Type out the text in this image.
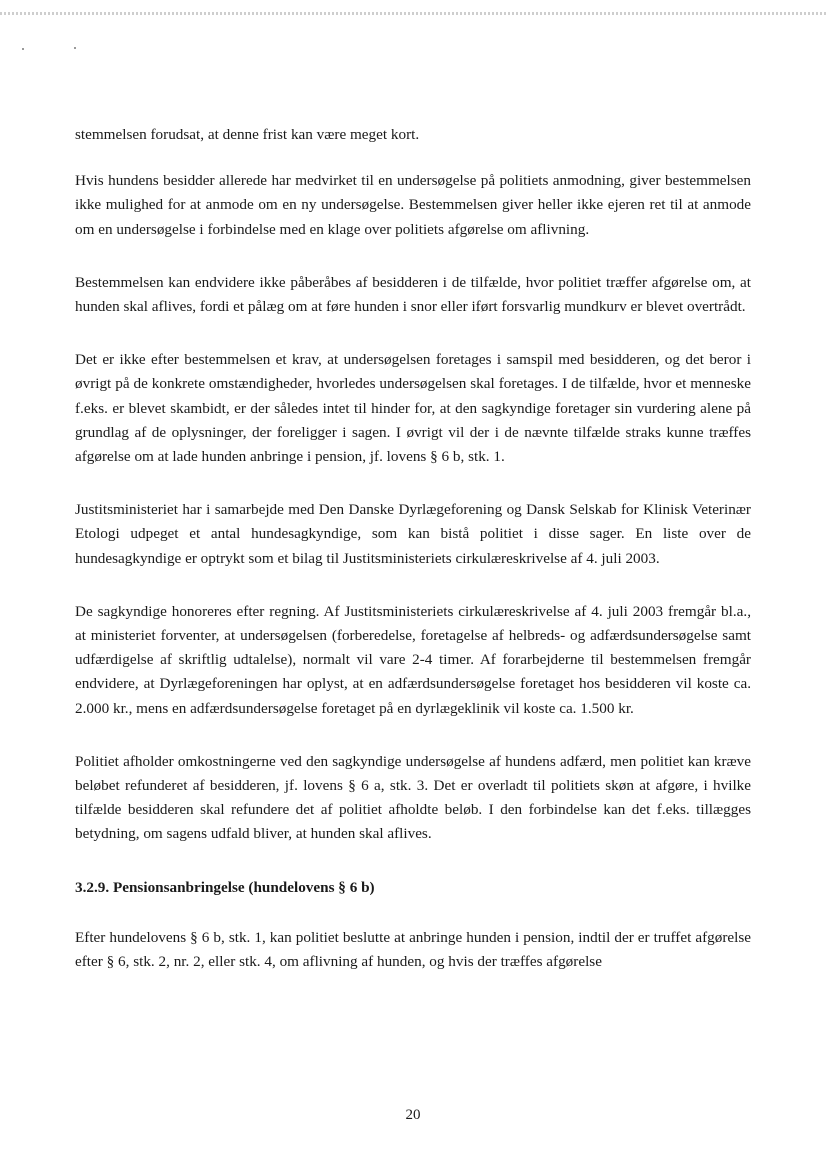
stemmelsen forudsat, at denne frist kan være meget kort.

Hvis hundens besidder allerede har medvirket til en undersøgelse på politiets anmodning, giver bestemmelsen ikke mulighed for at anmode om en ny undersøgelse. Bestemmelsen giver heller ikke ejeren ret til at anmode om en undersøgelse i forbindelse med en klage over politiets afgørelse om aflivning.

Bestemmelsen kan endvidere ikke påberåbes af besidderen i de tilfælde, hvor politiet træffer afgørelse om, at hunden skal aflives, fordi et pålæg om at føre hunden i snor eller iført forsvarlig mundkurv er blevet overtrådt.

Det er ikke efter bestemmelsen et krav, at undersøgelsen foretages i samspil med besidderen, og det beror i øvrigt på de konkrete omstændigheder, hvorledes undersøgelsen skal foretages. I de tilfælde, hvor et menneske f.eks. er blevet skambidt, er der således intet til hinder for, at den sagkyndige foretager sin vurdering alene på grundlag af de oplysninger, der foreligger i sagen. I øvrigt vil der i de nævnte tilfælde straks kunne træffes afgørelse om at lade hunden anbringe i pension, jf. lovens § 6 b, stk. 1.

Justitsministeriet har i samarbejde med Den Danske Dyrlægeforening og Dansk Selskab for Klinisk Veterinær Etologi udpeget et antal hundesagkyndige, som kan bistå politiet i disse sager. En liste over de hundesagkyndige er optrykt som et bilag til Justitsministeriets cirkulæreskrivelse af 4. juli 2003.

De sagkyndige honoreres efter regning. Af Justitsministeriets cirkulæreskrivelse af 4. juli 2003 fremgår bl.a., at ministeriet forventer, at undersøgelsen (forberedelse, foretagelse af helbreds- og adfærdsundersøgelse samt udfærdigelse af skriftlig udtalelse), normalt vil vare 2-4 timer. Af forarbejderne til bestemmelsen fremgår endvidere, at Dyrlægeforeningen har oplyst, at en adfærdsundersøgelse foretaget hos besidderen vil koste ca. 2.000 kr., mens en adfærdsundersøgelse foretaget på en dyrlægeklinik vil koste ca. 1.500 kr.

Politiet afholder omkostningerne ved den sagkyndige undersøgelse af hundens adfærd, men politiet kan kræve beløbet refunderet af besidderen, jf. lovens § 6 a, stk. 3. Det er overladt til politiets skøn at afgøre, i hvilke tilfælde besidderen skal refundere det af politiet afholdte beløb. I den forbindelse kan det f.eks. tillægges betydning, om sagens udfald bliver, at hunden skal aflives.

3.2.9. Pensionsanbringelse (hundelovens § 6 b)

Efter hundelovens § 6 b, stk. 1, kan politiet beslutte at anbringe hunden i pension, indtil der er truffet afgørelse efter § 6, stk. 2, nr. 2, eller stk. 4, om aflivning af hunden, og hvis der træffes afgørelse

20
